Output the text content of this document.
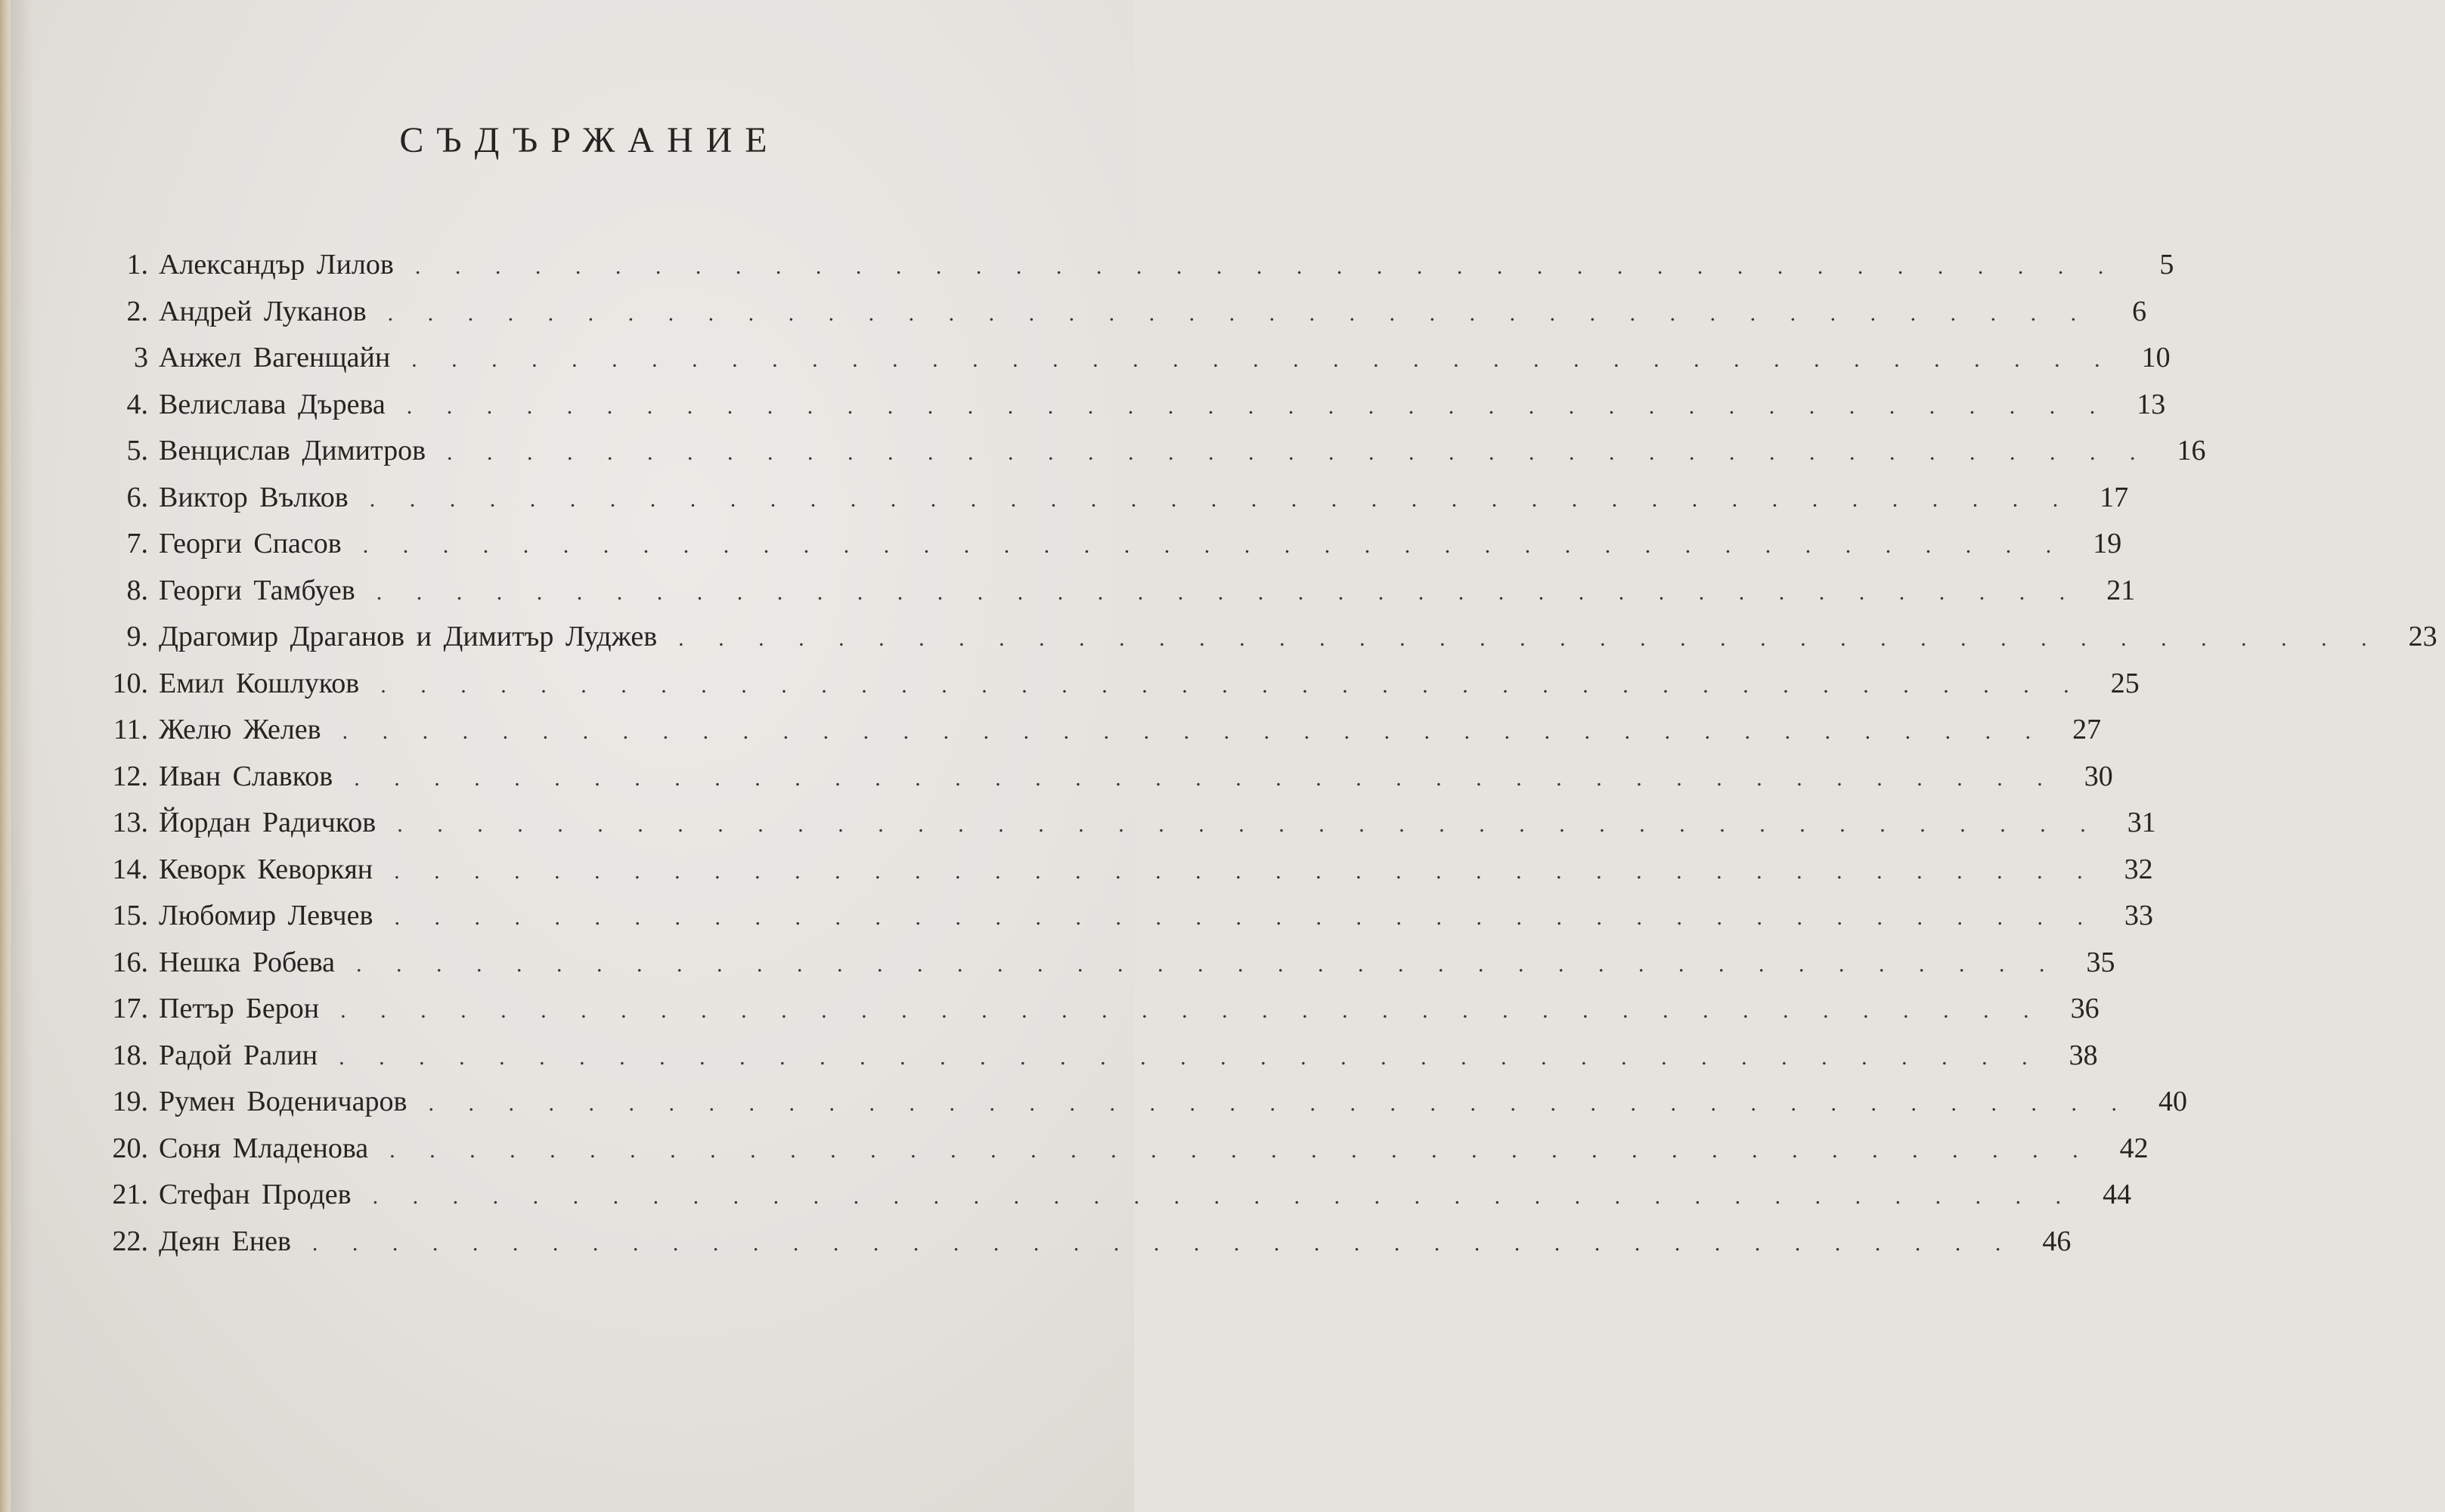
СЪДЪРЖАНИЕ
1. Александър Лилов . . . . . . . . . . . . . . . . . . . . . . . . . . . . . . . . . . . . . . . . . . .	5
2. Андрей Луканов . . . . . . . . . . . . . . . . . . . . . . . . . . . . . . . . . . . . . . . . . . .	6
3 Анжел Вагенщайн . . . . . . . . . . . . . . . . . . . . . . . . . . . . . . . . . . . . . . . . . . . 10
4. Велислава Дърева . . . . . . . . . . . . . . . . . . . . . . . . . . . . . . . . . . . . . . . . . . . 13
5. Венцислав Димитров . . . . . . . . . . . . . . . . . . . . . . . . . . . . . . . . . . . . . . . . . . . 16
6. Виктор Вълков . . . . . . . . . . . . . . . . . . . . . . . . . . . . . . . . . . . . . . . . . . . 17
7. Георги Спасов . . . . . . . . . . . . . . . . . . . . . . . . . . . . . . . . . . . . . . . . . . . 19
8. Георги Тамбуев . . . . . . . . . . . . . . . . . . . . . . . . . . . . . . . . . . . . . . . . . . . 21
9. Драгомир Драганов и Димитър Луджев . . . . . . . . . . . . . . . . . . . . . . . . . . . . . . . . . . . . . . . . . . . 23
10. Емил Кошлуков . . . . . . . . . . . . . . . . . . . . . . . . . . . . . . . . . . . . . . . . . . . 25
11. Желю Желев . . . . . . . . . . . . . . . . . . . . . . . . . . . . . . . . . . . . . . . . . . . 27
12. Иван Славков . . . . . . . . . . . . . . . . . . . . . . . . . . . . . . . . . . . . . . . . . . . 30
13. Йордан Радичков . . . . . . . . . . . . . . . . . . . . . . . . . . . . . . . . . . . . . . . . . . . 31
14. Кеворк Кеворкян . . . . . . . . . . . . . . . . . . . . . . . . . . . . . . . . . . . . . . . . . . . 32
15. Любомир Левчев . . . . . . . . . . . . . . . . . . . . . . . . . . . . . . . . . . . . . . . . . . . 33
16. Нешка Робева . . . . . . . . . . . . . . . . . . . . . . . . . . . . . . . . . . . . . . . . . . . 35
17. Петър Берон . . . . . . . . . . . . . . . . . . . . . . . . . . . . . . . . . . . . . . . . . . . 36
18. Радой Ралин . . . . . . . . . . . . . . . . . . . . . . . . . . . . . . . . . . . . . . . . . . . 38
19. Румен Воденичаров . . . . . . . . . . . . . . . . . . . . . . . . . . . . . . . . . . . . . . . . . . . 40
20. Соня Младенова . . . . . . . . . . . . . . . . . . . . . . . . . . . . . . . . . . . . . . . . . . . 42
21. Стефан Продев . . . . . . . . . . . . . . . . . . . . . . . . . . . . . . . . . . . . . . . . . . . 44
22. Деян Енев . . . . . . . . . . . . . . . . . . . . . . . . . . . . . . . . . . . . . . . . . . . 46
